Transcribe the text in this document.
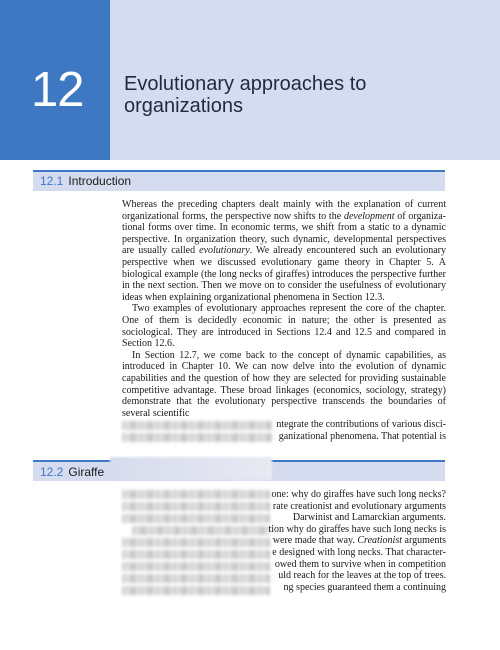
12 Evolutionary approaches to
organizations
12.1 Introduction

Whereas the preceding chapters dealt mainly with the explanation of current organizational forms, the perspective now shifts to the development of organiza- tional forms over time. In economic terms, we shift from a static to a dynamic perspective. In organization theory, such dynamic, developmental perspectives are usually called evolutionary. We already encountered such an evolutionary perspective when we discussed evolutionary game theory in Chapter 5. A biological example (the long necks of giraffes) introduces the perspective further in the next section. Then we move on to consider the usefulness of evolutionary ideas when explaining organizational phenomena in Section 12.3.

Two examples of evolutionary approaches represent the core of the chapter. One of them is decidedly economic in nature; the other is presented as sociological. They are introduced in Sections 12.4 and 12.5 and compared in Section 12.6.

In Section 12.7, we come back to the concept of dynamic capabilities, as introduced in Chapter 10. We can now delve into the evolution of dynamic capabilities and the question of how they are selected for providing sustainable competitive advantage. These broad linkages (economics, sociology, strategy) demonstrate that the evolutionary perspective transcends the boundaries of several scientific

ntegrate the contributions of various disci-
ganizational phenomena. That potential is
12.2 Giraffe
one: why do giraffes have such long necks?
rate creationist and evolutionary arguments
Darwinist and Lamarckian arguments.
tion why do giraffes have such long necks is
were made that way. Creationist arguments
e designed with long necks. That character-
owed them to survive when in competition
uld reach for the leaves at the top of trees.
ng species guaranteed them a continuing
